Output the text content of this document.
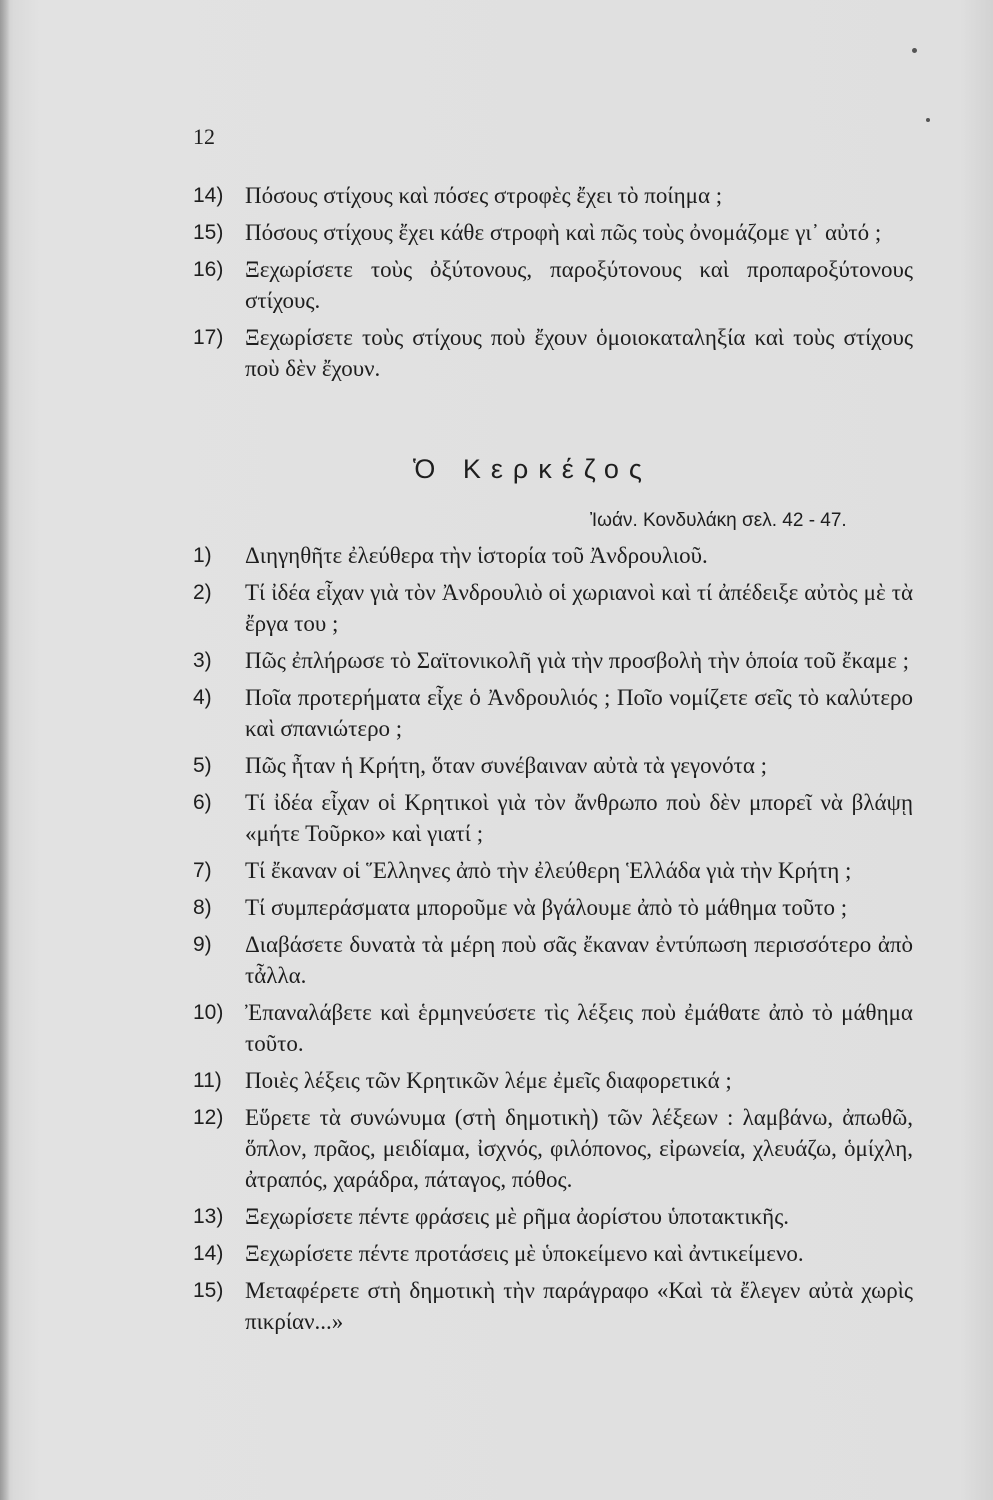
12
14) Πόσους στίχους καὶ πόσες στροφὲς ἔχει τὸ ποίημα ;
15) Πόσους στίχους ἔχει κάθε στροφὴ καὶ πῶς τοὺς ὀνομάζομε γι᾿ αὐτό ;
16) Ξεχωρίσετε τοὺς ὀξύτονους, παροξύτονους καὶ προπαροξύτονους στίχους.
17) Ξεχωρίσετε τοὺς στίχους ποὺ ἔχουν ὁμοιοκαταληξία καὶ τοὺς στίχους ποὺ δὲν ἔχουν.
Ὁ Κερκέζος
Ἰωάν. Κονδυλάκη σελ. 42 - 47.
1) Διηγηθῆτε ἐλεύθερα τὴν ἱστορία τοῦ Ἀνδρουλιοῦ.
2) Τί ἰδέα εἶχαν γιὰ τὸν Ἀνδρουλιὸ οἱ χωριανοὶ καὶ τί ἀπέδειξε αὐτὸς μὲ τὰ ἔργα του ;
3) Πῶς ἐπλήρωσε τὸ Σαϊτονικολῆ γιὰ τὴν προσβολὴ τὴν ὁποία τοῦ ἔκαμε ;
4) Ποῖα προτερήματα εἶχε ὁ Ἀνδρουλιός ; Ποῖο νομίζετε σεῖς τὸ καλύτερο καὶ σπανιώτερο ;
5) Πῶς ἦταν ἡ Κρήτη, ὅταν συνέβαιναν αὐτὰ τὰ γεγονότα ;
6) Τί ἰδέα εἶχαν οἱ Κρητικοὶ γιὰ τὸν ἄνθρωπο ποὺ δὲν μπορεῖ νὰ βλάψῃ «μήτε Τοῦρκο» καὶ γιατί ;
7) Τί ἔκαναν οἱ Ἕλληνες ἀπὸ τὴν ἐλεύθερη Ἑλλάδα γιὰ τὴν Κρήτη ;
8) Τί συμπεράσματα μποροῦμε νὰ βγάλουμε ἀπὸ τὸ μάθημα τοῦτο ;
9) Διαβάσετε δυνατὰ τὰ μέρη ποὺ σᾶς ἔκαναν ἐντύπωση περισσότερο ἀπὸ τἆλλα.
10) Ἐπαναλάβετε καὶ ἑρμηνεύσετε τὶς λέξεις ποὺ ἐμάθατε ἀπὸ τὸ μάθημα τοῦτο.
11) Ποιὲς λέξεις τῶν Κρητικῶν λέμε ἐμεῖς διαφορετικά ;
12) Εὕρετε τὰ συνώνυμα (στὴ δημοτικὴ) τῶν λέξεων : λαμβάνω, ἀπωθῶ, ὅπλον, πρᾶος, μειδίαμα, ἰσχνός, φιλόπονος, εἰρωνεία, χλευάζω, ὁμίχλη, ἀτραπός, χαράδρα, πάταγος, πόθος.
13) Ξεχωρίσετε πέντε φράσεις μὲ ρῆμα ἀορίστου ὑποτακτικῆς.
14) Ξεχωρίσετε πέντε προτάσεις μὲ ὑποκείμενο καὶ ἀντικείμενο.
15) Μεταφέρετε στὴ δημοτικὴ τὴν παράγραφο «Καὶ τὰ ἔλεγεν αὐτὰ χωρὶς πικρίαν...»
